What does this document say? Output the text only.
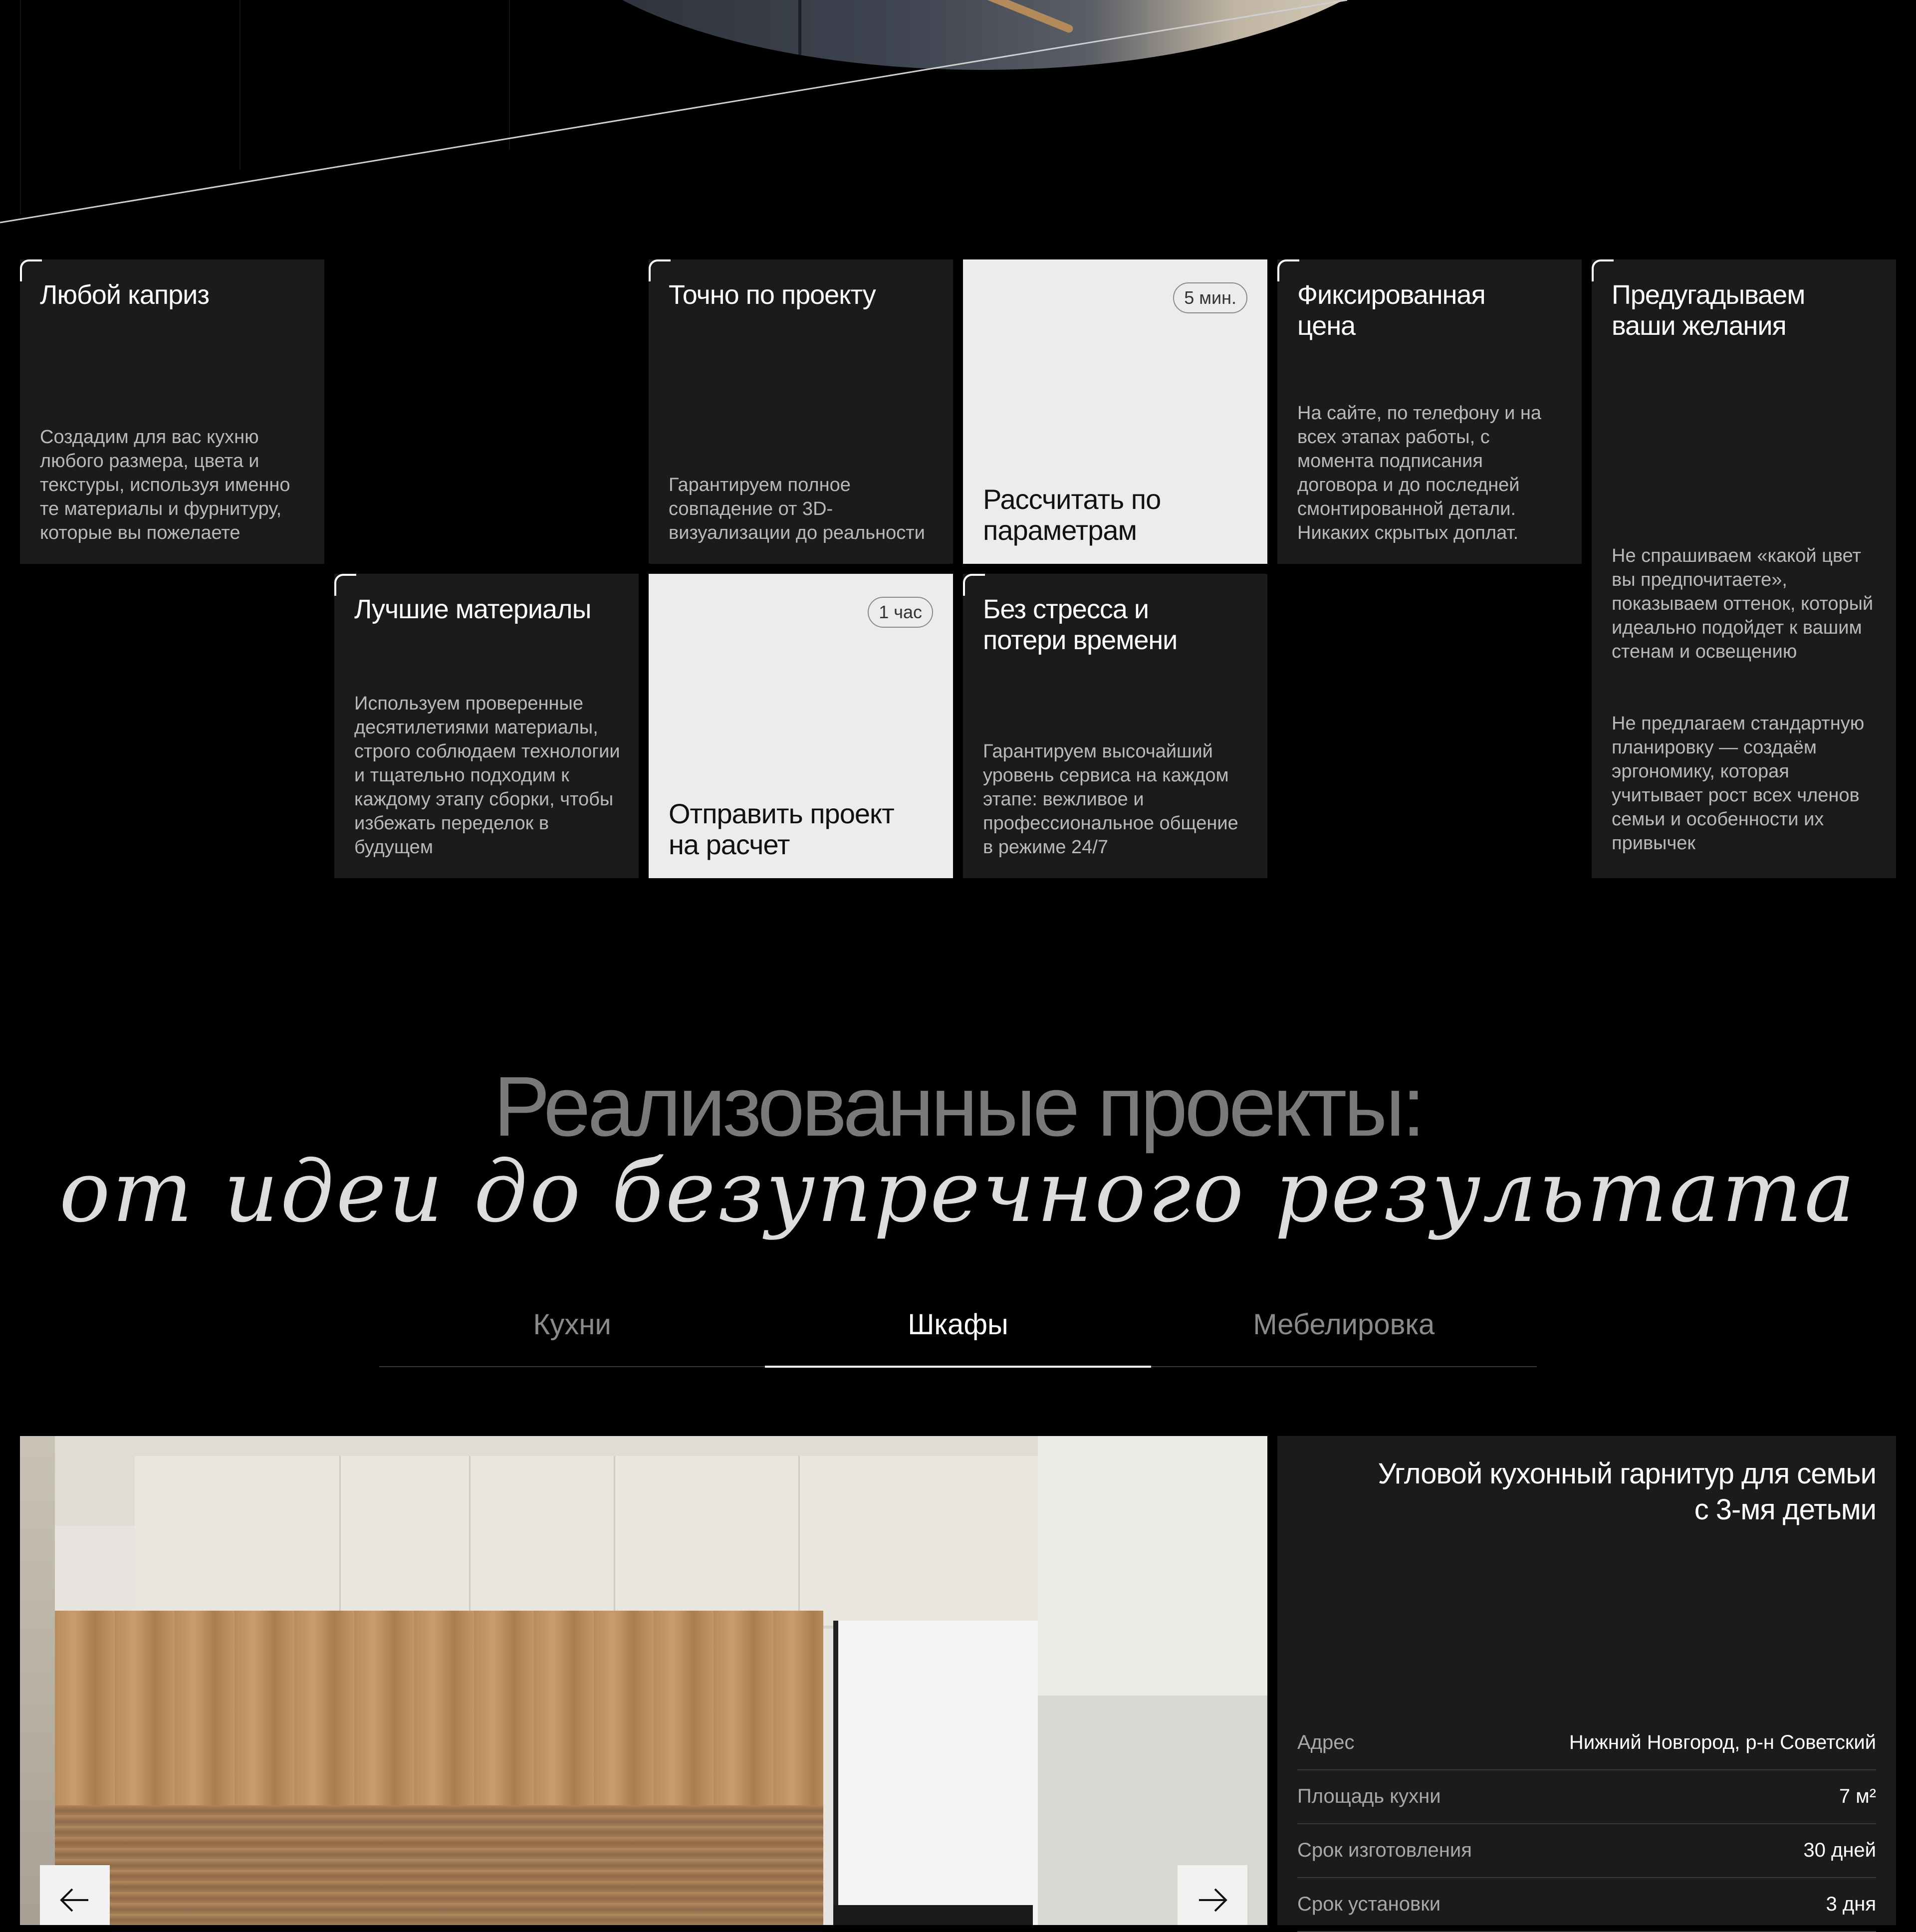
Любой каприз

Создадим для вас кухню любого размера, цвета и текстуры, используя именно те материалы и фурнитуру, которые вы пожелаете

Точно по проекту

Гарантируем полное совпадение от 3D-визуализации до реальности

5 мин.
Рассчитать по параметрам
Фиксированная цена

На сайте, по телефону и на всех этапах работы, с момента подписания договора и до последней смонтированной детали. Никаких скрытых доплат.

Предугадываем ваши желания
Не спрашиваем «какой цвет вы предпочитаете», показываем оттенок, который идеально подойдет к вашим стенам и освещению
Не предлагаем стандартную планировку — создаём эргономику, которая учитывает рост всех членов семьи и особенности их привычек
Лучшие материалы

Используем проверенные десятилетиями материалы, строго соблюдаем технологии и тщательно подходим к каждому этапу сборки, чтобы избежать переделок в будущем

1 час
Отправить проект на расчет
Без стресса и потери времени

Гарантируем высочайший уровень сервиса на каждом этапе: вежливое и профессиональное общение в режиме 24/7

Реализованные проекты:
от идеи до безупречного результата
Кухни	Шкафы	Мебелировка
Угловой кухонный гарнитур для семьи с 3-мя детьми
Адрес	Нижний Новгород, р-н Советский
Площадь кухни	7 м²
Срок изготовления	30 дней
Срок установки	3 дня
